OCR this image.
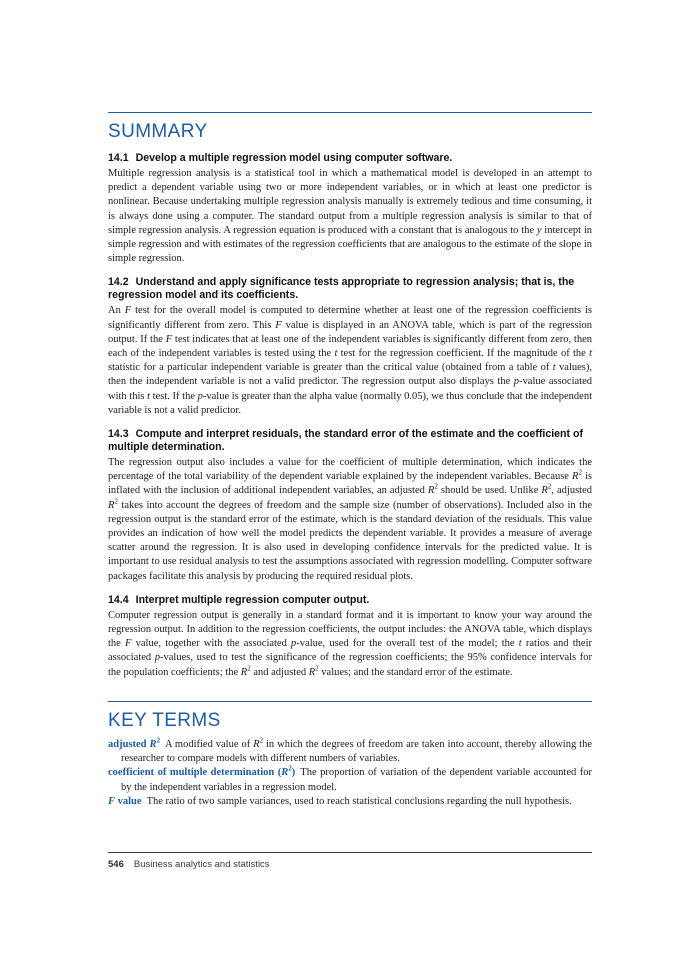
SUMMARY
14.1 Develop a multiple regression model using computer software.

Multiple regression analysis is a statistical tool in which a mathematical model is developed in an attempt to predict a dependent variable using two or more independent variables, or in which at least one predictor is nonlinear. Because undertaking multiple regression analysis manually is extremely tedious and time consuming, it is always done using a computer. The standard output from a multiple regression analysis is similar to that of simple regression analysis. A regression equation is produced with a constant that is analogous to the y intercept in simple regression and with estimates of the regression coefficients that are analogous to the estimate of the slope in simple regression.

14.2 Understand and apply significance tests appropriate to regression analysis; that is, the regression model and its coefficients.

An F test for the overall model is computed to determine whether at least one of the regression coefficients is significantly different from zero. This F value is displayed in an ANOVA table, which is part of the regression output. If the F test indicates that at least one of the independent variables is significantly different from zero, then each of the independent variables is tested using the t test for the regression coefficient. If the magnitude of the t statistic for a particular independent variable is greater than the critical value (obtained from a table of t values), then the independent variable is not a valid predictor. The regression output also displays the p-value associated with this t test. If the p-value is greater than the alpha value (normally 0.05), we thus conclude that the independent variable is not a valid predictor.

14.3 Compute and interpret residuals, the standard error of the estimate and the coefficient of multiple determination.

The regression output also includes a value for the coefficient of multiple determination, which indicates the percentage of the total variability of the dependent variable explained by the independent variables. Because $R^2$ is inflated with the inclusion of additional independent variables, an adjusted $R^2$ should be used. Unlike $R^2$, adjusted $R^2$ takes into account the degrees of freedom and the sample size (number of observations). Included also in the regression output is the standard error of the estimate, which is the standard deviation of the residuals. This value provides an indication of how well the model predicts the dependent variable. It provides a measure of average scatter around the regression. It is also used in developing confidence intervals for the predicted value. It is important to use residual analysis to test the assumptions associated with regression modelling. Computer software packages facilitate this analysis by producing the required residual plots.

14.4 Interpret multiple regression computer output.

Computer regression output is generally in a standard format and it is important to know your way around the regression output. In addition to the regression coefficients, the output includes: the ANOVA table, which displays the F value, together with the associated p-value, used for the overall test of the model; the t ratios and their associated p-values, used to test the significance of the regression coefficients; the 95% confidence intervals for the population coefficients; the $R^2$ and adjusted $R^2$ values; and the standard error of the estimate.

KEY TERMS

adjusted $R^2$ A modified value of $R^2$ in which the degrees of freedom are taken into account, thereby allowing the researcher to compare models with different numbers of variables.

coefficient of multiple determination $(R^2)$ The proportion of variation of the dependent variable accounted for by the independent variables in a regression model.

F value The ratio of two sample variances, used to reach statistical conclusions regarding the null hypothesis.

546 Business analytics and statistics
